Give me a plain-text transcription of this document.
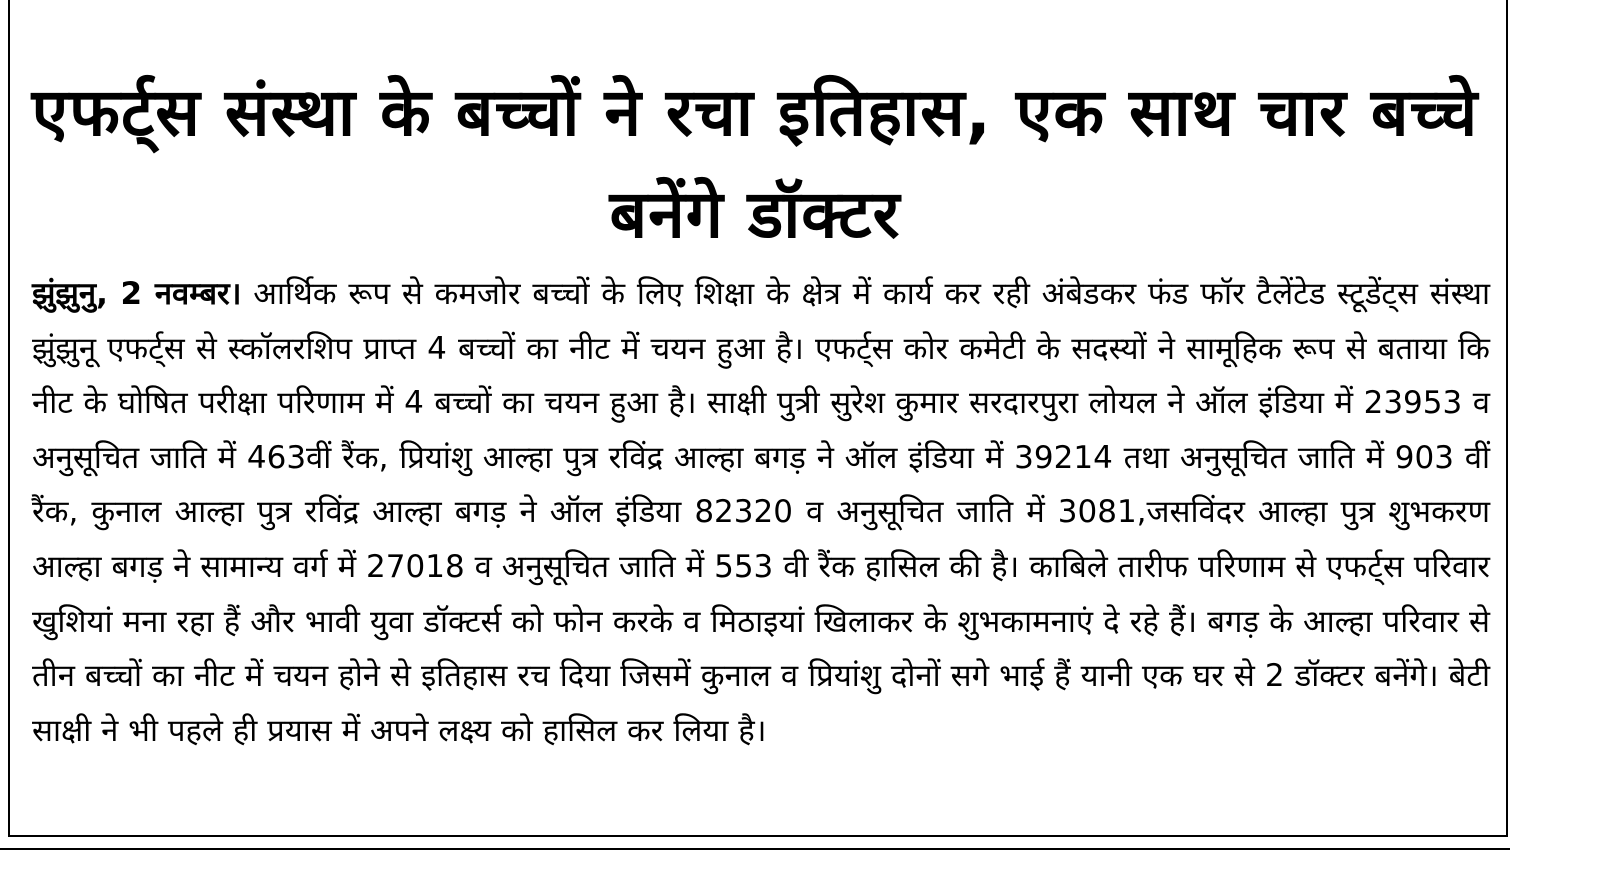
एफर्ट्स संस्था के बच्चों ने रचा इतिहास, एक साथ चार बच्चे बनेंगे डॉक्टर

झुंझुनु, 2 नवम्बर। आर्थिक रूप से कमजोर बच्चों के लिए शिक्षा के क्षेत्र में कार्य कर रही अंबेडकर फंड फॉर टैलेंटेड स्टूडेंट्स संस्था झुंझुनू एफर्ट्स से स्कॉलरशिप प्राप्त 4 बच्चों का नीट में चयन हुआ है। एफर्ट्स कोर कमेटी के सदस्यों ने सामूहिक रूप से बताया कि नीट के घोषित परीक्षा परिणाम में 4 बच्चों का चयन हुआ है। साक्षी पुत्री सुरेश कुमार सरदारपुरा लोयल ने ऑल इंडिया में 23953 व अनुसूचित जाति में 463वीं रैंक, प्रियांशु आल्हा पुत्र रविंद्र आल्हा बगड़ ने ऑल इंडिया में 39214 तथा अनुसूचित जाति में 903 वीं रैंक, कुनाल आल्हा पुत्र रविंद्र आल्हा बगड़ ने ऑल इंडिया 82320 व अनुसूचित जाति में 3081,जसविंदर आल्हा पुत्र शुभकरण आल्हा बगड़ ने सामान्य वर्ग में 27018 व अनुसूचित जाति में 553 वी रैंक हासिल की है। काबिले तारीफ परिणाम से एफर्ट्स परिवार खुशियां मना रहा हैं और भावी युवा डॉक्टर्स को फोन करके व मिठाइयां खिलाकर के शुभकामनाएं दे रहे हैं। बगड़ के आल्हा परिवार से तीन बच्चों का नीट में चयन होने से इतिहास रच दिया जिसमें कुनाल व प्रियांशु दोनों सगे भाई हैं यानी एक घर से 2 डॉक्टर बनेंगे। बेटी साक्षी ने भी पहले ही प्रयास में अपने लक्ष्य को हासिल कर लिया है।
